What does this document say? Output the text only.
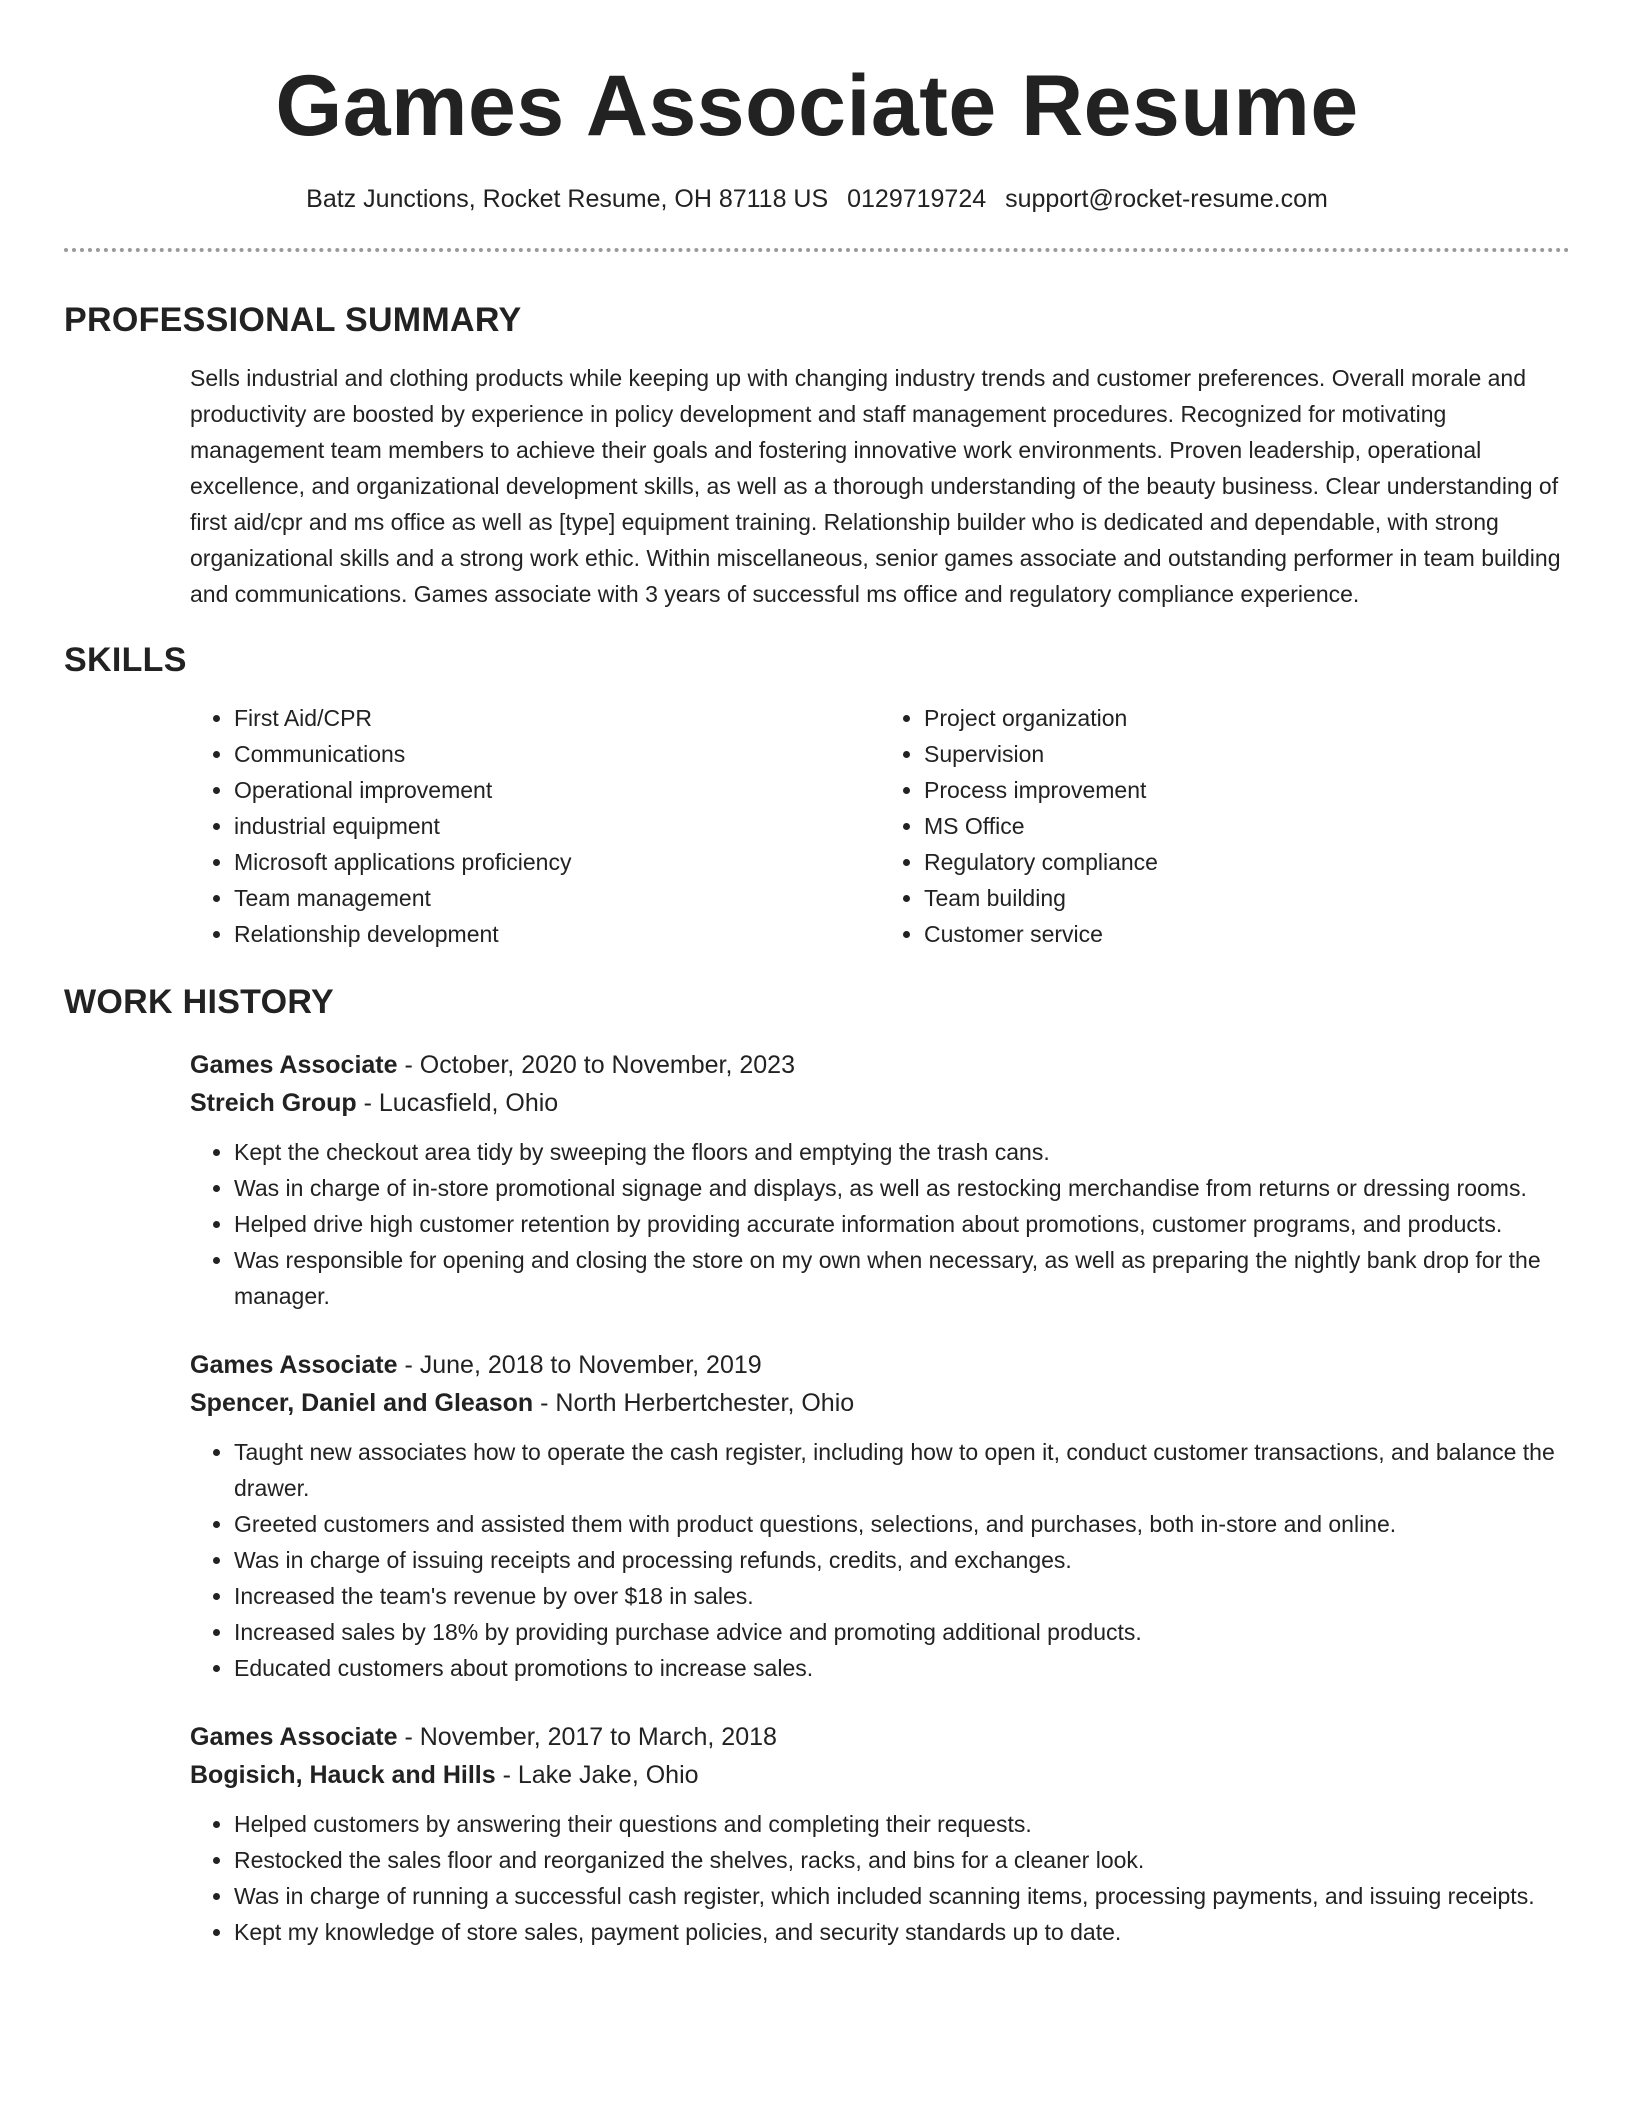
Games Associate Resume
Batz Junctions, Rocket Resume, OH 87118 US 0129719724 support@rocket-resume.com
PROFESSIONAL SUMMARY

Sells industrial and clothing products while keeping up with changing industry trends and customer preferences. Overall morale and productivity are boosted by experience in policy development and staff management procedures. Recognized for motivating management team members to achieve their goals and fostering innovative work environments. Proven leadership, operational excellence, and organizational development skills, as well as a thorough understanding of the beauty business. Clear understanding of first aid/cpr and ms office as well as [type] equipment training. Relationship builder who is dedicated and dependable, with strong organizational skills and a strong work ethic. Within miscellaneous, senior games associate and outstanding performer in team building and communications. Games associate with 3 years of successful ms office and regulatory compliance experience.

SKILLS
• First Aid/CPR
• Communications
• Operational improvement
• industrial equipment
• Microsoft applications proficiency
• Team management
• Relationship development
• Project organization
• Supervision
• Process improvement
• MS Office
• Regulatory compliance
• Team building
• Customer service
WORK HISTORY
Games Associate - October, 2020 to November, 2023
Streich Group - Lucasfield, Ohio
• Kept the checkout area tidy by sweeping the floors and emptying the trash cans.
• Was in charge of in-store promotional signage and displays, as well as restocking merchandise from returns or dressing rooms.
• Helped drive high customer retention by providing accurate information about promotions, customer programs, and products.
• Was responsible for opening and closing the store on my own when necessary, as well as preparing the nightly bank drop for the manager.
Games Associate - June, 2018 to November, 2019
Spencer, Daniel and Gleason - North Herbertchester, Ohio
• Taught new associates how to operate the cash register, including how to open it, conduct customer transactions, and balance the drawer.
• Greeted customers and assisted them with product questions, selections, and purchases, both in-store and online.
• Was in charge of issuing receipts and processing refunds, credits, and exchanges.
• Increased the team's revenue by over $18 in sales.
• Increased sales by 18% by providing purchase advice and promoting additional products.
• Educated customers about promotions to increase sales.
Games Associate - November, 2017 to March, 2018
Bogisich, Hauck and Hills - Lake Jake, Ohio
• Helped customers by answering their questions and completing their requests.
• Restocked the sales floor and reorganized the shelves, racks, and bins for a cleaner look.
• Was in charge of running a successful cash register, which included scanning items, processing payments, and issuing receipts.
• Kept my knowledge of store sales, payment policies, and security standards up to date.
